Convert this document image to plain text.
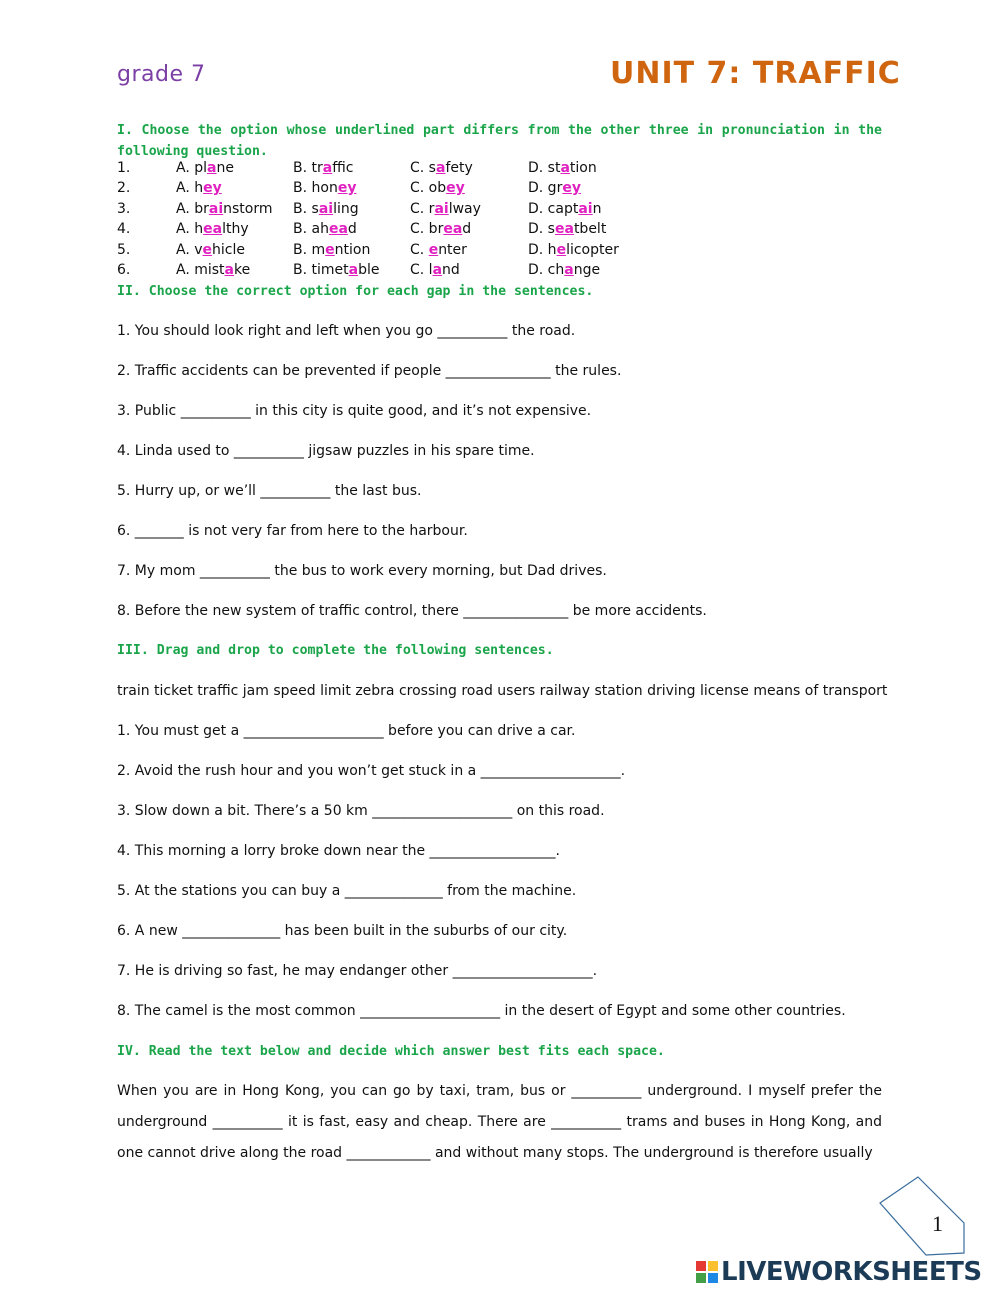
grade 7	UNIT 7: TRAFFIC
I. Choose the option whose underlined part differs from the other three in pronunciation in the following question.
1.	A. plane	B. traffic	C. safety	D. station
2.	A. hey	B. honey	C. obey	D. grey
3.	A. brainstorm B. sailing	C. railway	D. captain
4.	A. healthy	B. ahead	C. bread	D. seatbelt
5.	A. vehicle	B. mention	C. enter	D. helicopter
6.	A. mistake	B. timetable C. land	D. change
II. Choose the correct option for each gap in the sentences.
1. You should look right and left when you go __________ the road.
2. Traffic accidents can be prevented if people _______________ the rules.
3. Public __________ in this city is quite good, and it’s not expensive.
4. Linda used to __________ jigsaw puzzles in his spare time.
5. Hurry up, or we’ll __________ the last bus.
6. _______ is not very far from here to the harbour.
7. My mom __________ the bus to work every morning, but Dad drives.
8. Before the new system of traffic control, there _______________ be more accidents.
III. Drag and drop to complete the following sentences.
train ticket traffic jam speed limit zebra crossing road users railway station driving license means of transport
1. You must get a ____________________ before you can drive a car.
2. Avoid the rush hour and you won’t get stuck in a ____________________.
3. Slow down a bit. There’s a 50 km ____________________ on this road.
4. This morning a lorry broke down near the __________________.
5. At the stations you can buy a ______________ from the machine.
6. A new ______________ has been built in the suburbs of our city.
7. He is driving so fast, he may endanger other ____________________.
8. The camel is the most common ____________________ in the desert of Egypt and some other countries.
IV. Read the text below and decide which answer best fits each space.
When you are in Hong Kong, you can go by taxi, tram, bus or __________ underground. I myself prefer the underground __________ it is fast, easy and cheap. There are __________ trams and buses in Hong Kong, and one cannot drive along the road ____________ and without many stops. The underground is therefore usually
1
LIVEWORKSHEETS
